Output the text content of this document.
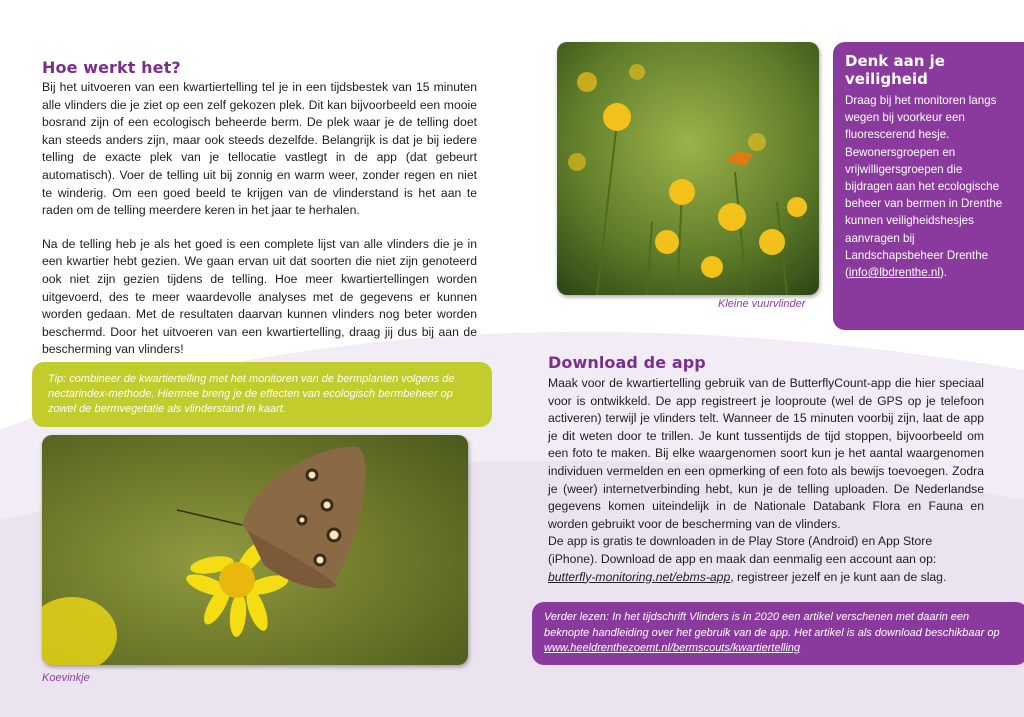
Hoe werkt het?

Bij het uitvoeren van een kwartiertelling tel je in een tijdsbestek van 15 minuten alle vlinders die je ziet op een zelf gekozen plek. Dit kan bijvoorbeeld een mooie bosrand zijn of een ecologisch beheerde berm. De plek waar je de telling doet kan steeds anders zijn, maar ook steeds dezelfde. Belangrijk is dat je bij iedere telling de exacte plek van je tellocatie vastlegt in de app (dat gebeurt automatisch). Voer de telling uit bij zonnig en warm weer, zonder regen en niet te winderig. Om een goed beeld te krijgen van de vlinderstand is het aan te raden om de telling meerdere keren in het jaar te herhalen.

Na de telling heb je als het goed is een complete lijst van alle vlinders die je in een kwartier hebt gezien. We gaan ervan uit dat soorten die niet zijn genoteerd ook niet zijn gezien tijdens de telling. Hoe meer kwartiertellingen worden uitgevoerd, des te meer waardevolle analyses met de gegevens er kunnen worden gedaan. Met de resultaten daarvan kunnen vlinders nog beter worden beschermd. Door het uitvoeren van een kwartiertelling, draag jij dus bij aan de bescherming van vlinders!

Tip: combineer de kwartiertelling met het monitoren van de bermplanten volgens de nectarindex-methode. Hiermee breng je de effecten van ecologisch bermbeheer op zowel de bermvegetatie als vlinderstand in kaart.

Kleine vuurvlinder
Denk aan je
veiligheid

Draag bij het monitoren langs wegen bij voorkeur een fluorescerend hesje. Bewonersgroepen en vrijwilligersgroepen die bijdragen aan het ecologische beheer van bermen in Drenthe kunnen veiligheidshesjes aanvragen bij Landschapsbeheer Drenthe (info@lbdrenthe.nl).

Download de app

Maak voor de kwartiertelling gebruik van de ButterflyCount-app die hier speciaal voor is ontwikkeld. De app registreert je looproute (wel de GPS op je telefoon activeren) terwijl je vlinders telt. Wanneer de 15 minuten voorbij zijn, laat de app je dit weten door te trillen. Je kunt tussentijds de tijd stoppen, bijvoorbeeld om een foto te maken. Bij elke waargenomen soort kun je het aantal waargenomen individuen vermelden en een opmerking of een foto als bewijs toevoegen. Zodra je (weer) internetverbinding hebt, kun je de telling uploaden. De Nederlandse gegevens komen uiteindelijk in de Nationale Databank Flora en Fauna en worden gebruikt voor de bescherming van de vlinders.

De app is gratis te downloaden in de Play Store (Android) en App Store (iPhone). Download de app en maak dan eenmalig een account aan op:
butterfly-monitoring.net/ebms-app, registreer jezelf en je kunt aan de slag.

Verder lezen: In het tijdschrift Vlinders is in 2020 een artikel verschenen met daarin een beknopte handleiding over het gebruik van de app. Het artikel is als download beschikbaar op www.heeldrenthezoemt.nl/bermscouts/kwartiertelling

Koevinkje
